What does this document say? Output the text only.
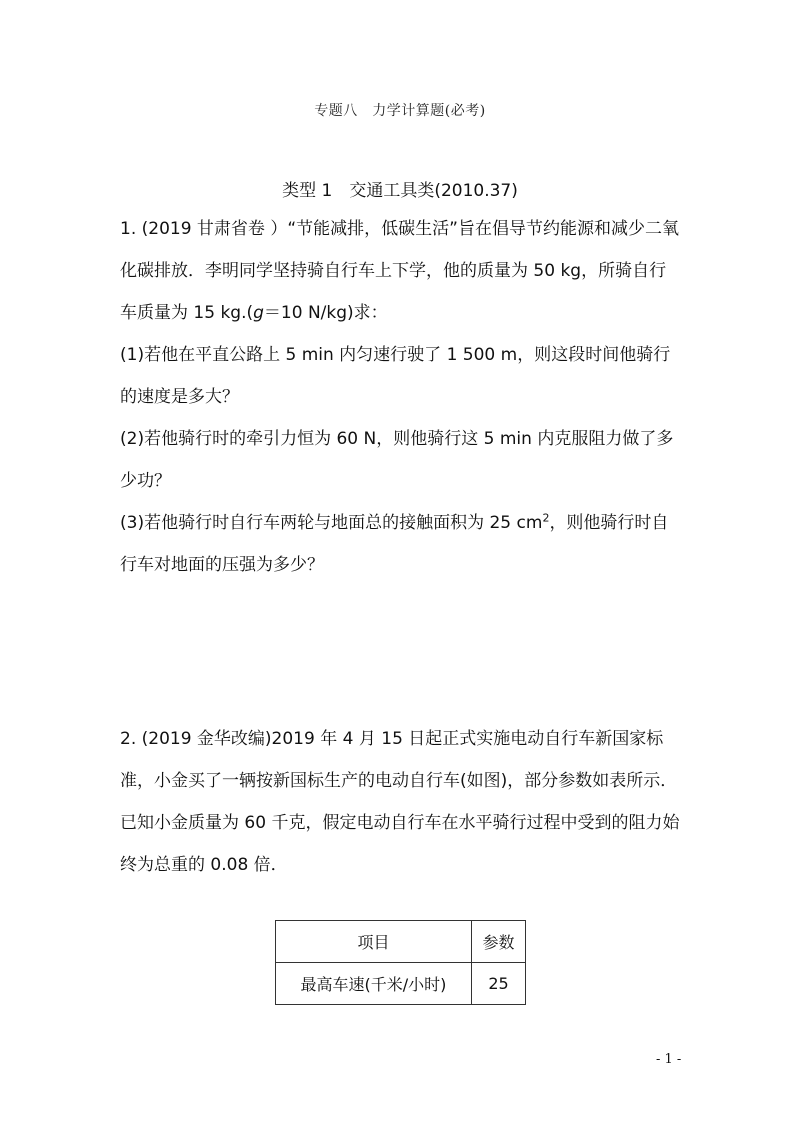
专题八　力学计算题(必考)
类型 1　交通工具类(2010.37)

1. (2019 甘肃省卷 ）“节能减排，低碳生活”旨在倡导节约能源和减少二氧化碳排放．李明同学坚持骑自行车上下学，他的质量为 50 kg，所骑自行车质量为 15 kg.(g＝10 N/kg)求：

(1)若他在平直公路上 5 min 内匀速行驶了 1 500 m，则这段时间他骑行的速度是多大？

(2)若他骑行时的牵引力恒为 60 N，则他骑行这 5 min 内克服阻力做了多少功？

(3)若他骑行时自行车两轮与地面总的接触面积为 25 $cm^2$，则他骑行时自行车对地面的压强为多少？

2. (2019 金华改编)2019 年 4 月 15 日起正式实施电动自行车新国家标准，小金买了一辆按新国标生产的电动自行车(如图)，部分参数如表所示．已知小金质量为 60 千克，假定电动自行车在水平骑行过程中受到的阻力始终为总重的 0.08 倍．

项目	参数
最高车速(千米/小时)	25
- 1 -
